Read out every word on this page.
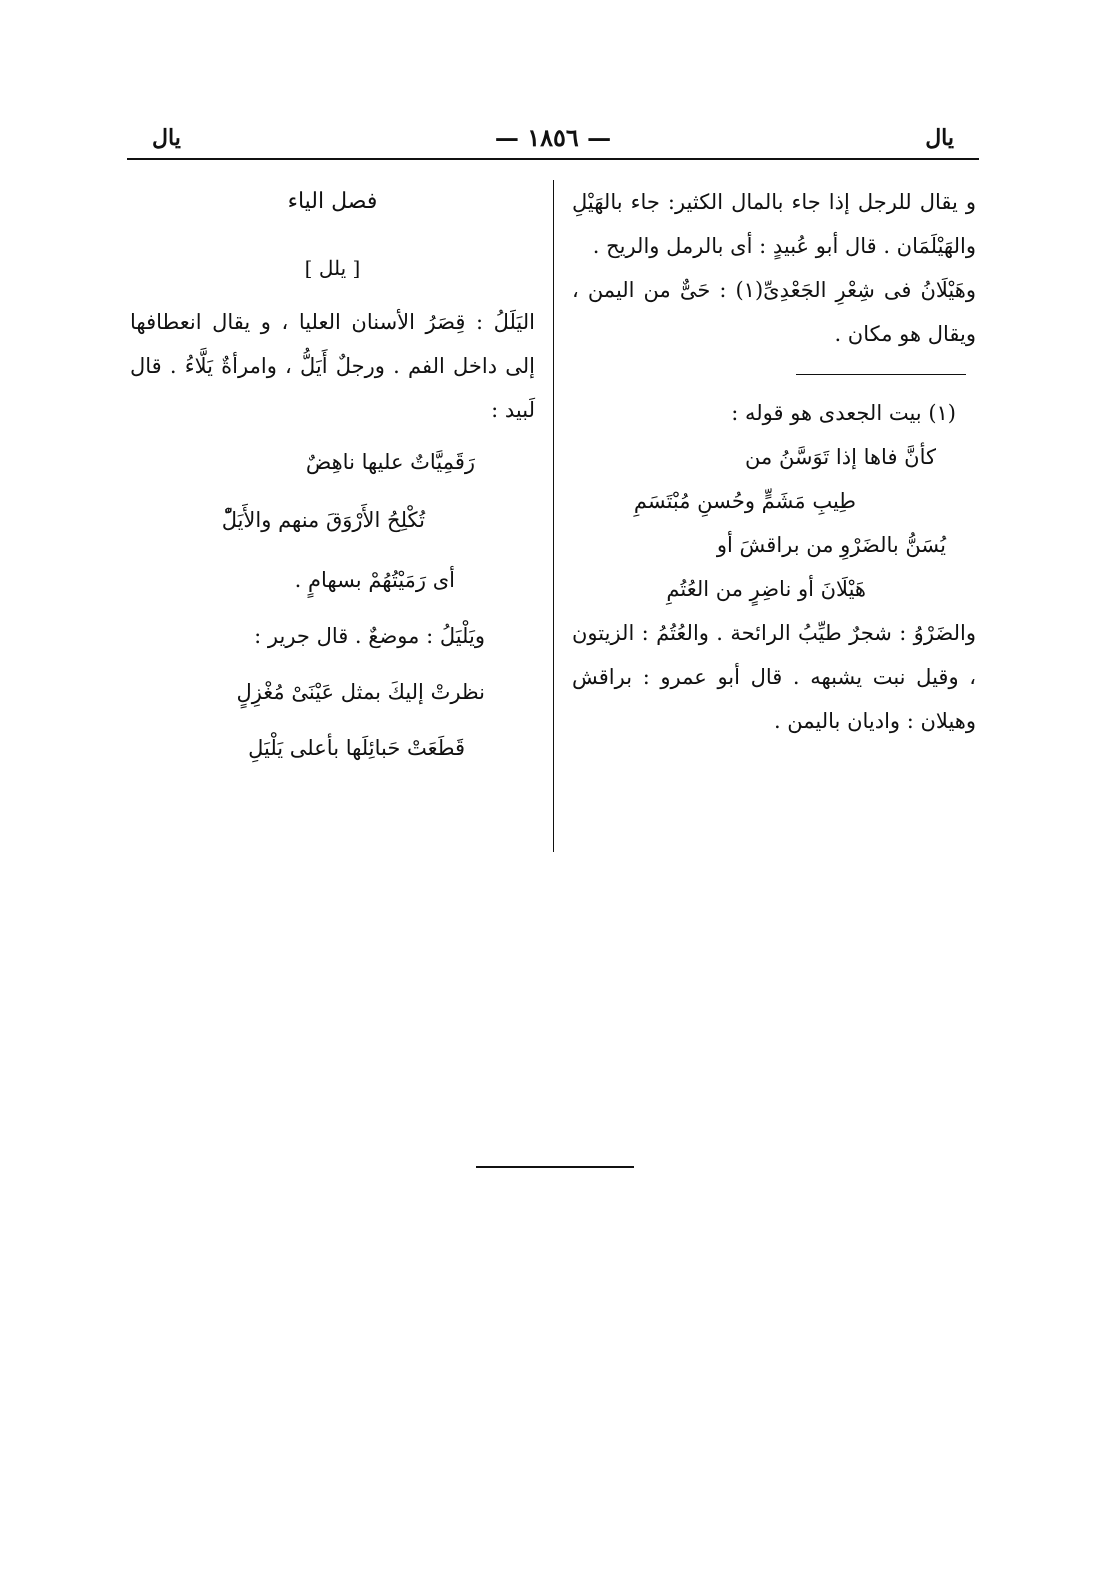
يال	— ١٨٥٦ —	يال

و يقال للرجل إذا جاء بالمال الكثير: جاء بالهَيْلِ والهَيْلَمَان . قال أبو عُبيدٍ : أى بالرمل والريح .

وهَيْلَانُ فى شِعْرِ الجَعْدِىِّ(١) : حَىٌّ من اليمن ، ويقال هو مكان .

(١) بيت الجعدى هو قوله :

كأنَّ فاها إذا تَوَسَّنُ من

طِيبِ مَشَمٍّ وحُسنِ مُبْتَسَمِ

يُسَنُّ بالضَرْوِ من براقشَ أو

هَيْلَانَ أو ناضِرٍ من العُتُمِ

والضَرْوُ : شجرٌ طيِّبُ الرائحة . والعُتُمُ : الزيتون ، وقيل نبت يشبهه . قال أبو عمرو : براقش وهيلان : واديان باليمن .

فصل الياء

[ يلل ]

اليَلَلُ : قِصَرُ الأسنان العليا ، و يقال انعطافها إلى داخل الفم . ورجلٌ أَيَلُّ ، وامرأةٌ يَلَّاءُ . قال لَبيد :

رَقَمِيَّاتٌ عليها ناهِضٌ

تُكْلِحُ الأَرْوَقَ منهم والأَيَلّْ

أى رَمَيْتُهُمْ بسهامٍ .

ويَلْيَلُ : موضعٌ . قال جرير :

نظرتْ إليكَ بمثل عَيْنَىْ مُغْزِلٍ

قَطَعَتْ حَبائِلَها بأعلى يَلْيَلِ
